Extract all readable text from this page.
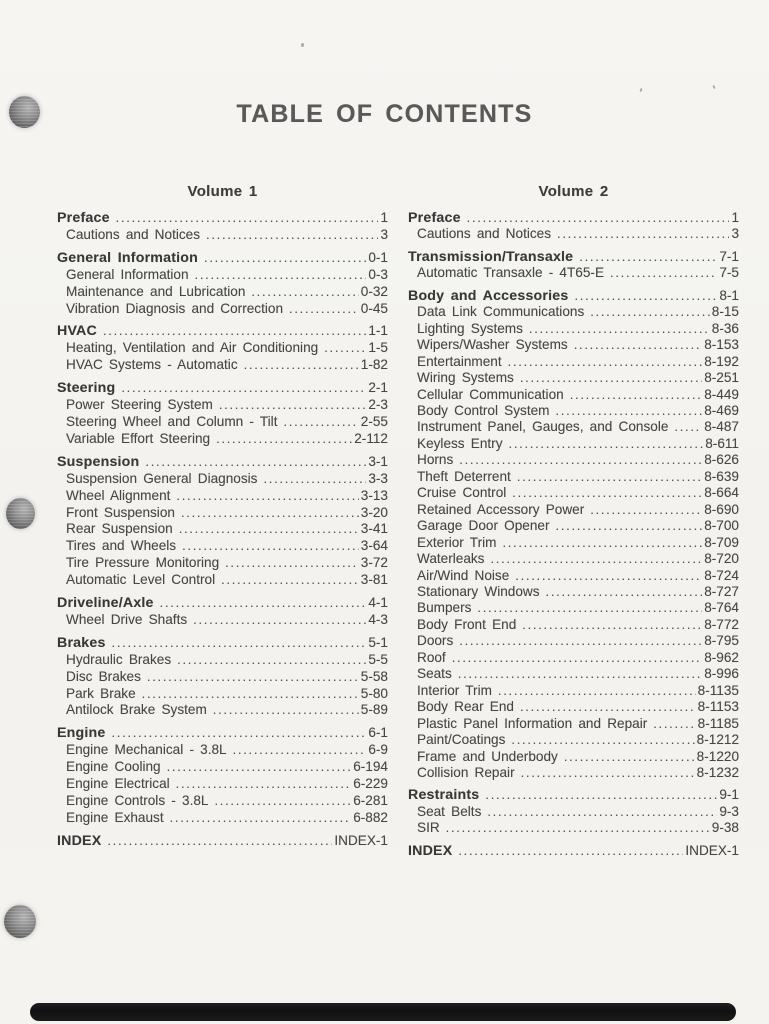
TABLE OF CONTENTS
Volume 1
Preface .....	1
Cautions and Notices .....	3
General Information .....	0-1
General Information .....	0-3
Maintenance and Lubrication .....	0-32
Vibration Diagnosis and Correction .....	0-45
HVAC .....	1-1
Heating, Ventilation and Air Conditioning .....	1-5
HVAC Systems - Automatic .....	1-82
Steering .....	2-1
Power Steering System .....	2-3
Steering Wheel and Column - Tilt .....	2-55
Variable Effort Steering .....	2-112
Suspension .....	3-1
Suspension General Diagnosis .....	3-3
Wheel Alignment .....	3-13
Front Suspension .....	3-20
Rear Suspension .....	3-41
Tires and Wheels .....	3-64
Tire Pressure Monitoring .....	3-72
Automatic Level Control .....	3-81
Driveline/Axle .....	4-1
Wheel Drive Shafts .....	4-3
Brakes .....	5-1
Hydraulic Brakes .....	5-5
Disc Brakes .....	5-58
Park Brake .....	5-80
Antilock Brake System .....	5-89
Engine .....	6-1
Engine Mechanical - 3.8L .....	6-9
Engine Cooling .....	6-194
Engine Electrical .....	6-229
Engine Controls - 3.8L .....	6-281
Engine Exhaust .....	6-882
INDEX .....	INDEX-1
Volume 2
Preface .....	1
Cautions and Notices .....	3
Transmission/Transaxle .....	7-1
Automatic Transaxle - 4T65-E .....	7-5
Body and Accessories .....	8-1
Data Link Communications .....	8-15
Lighting Systems .....	8-36
Wipers/Washer Systems .....	8-153
Entertainment .....	8-192
Wiring Systems .....	8-251
Cellular Communication .....	8-449
Body Control System .....	8-469
Instrument Panel, Gauges, and Console .....	8-487
Keyless Entry .....	8-611
Horns .....	8-626
Theft Deterrent .....	8-639
Cruise Control .....	8-664
Retained Accessory Power .....	8-690
Garage Door Opener .....	8-700
Exterior Trim .....	8-709
Waterleaks .....	8-720
Air/Wind Noise .....	8-724
Stationary Windows .....	8-727
Bumpers .....	8-764
Body Front End .....	8-772
Doors .....	8-795
Roof .....	8-962
Seats .....	8-996
Interior Trim .....	8-1135
Body Rear End .....	8-1153
Plastic Panel Information and Repair .....	8-1185
Paint/Coatings .....	8-1212
Frame and Underbody .....	8-1220
Collision Repair .....	8-1232
Restraints .....	9-1
Seat Belts .....	9-3
SIR .....	9-38
INDEX .....	INDEX-1
